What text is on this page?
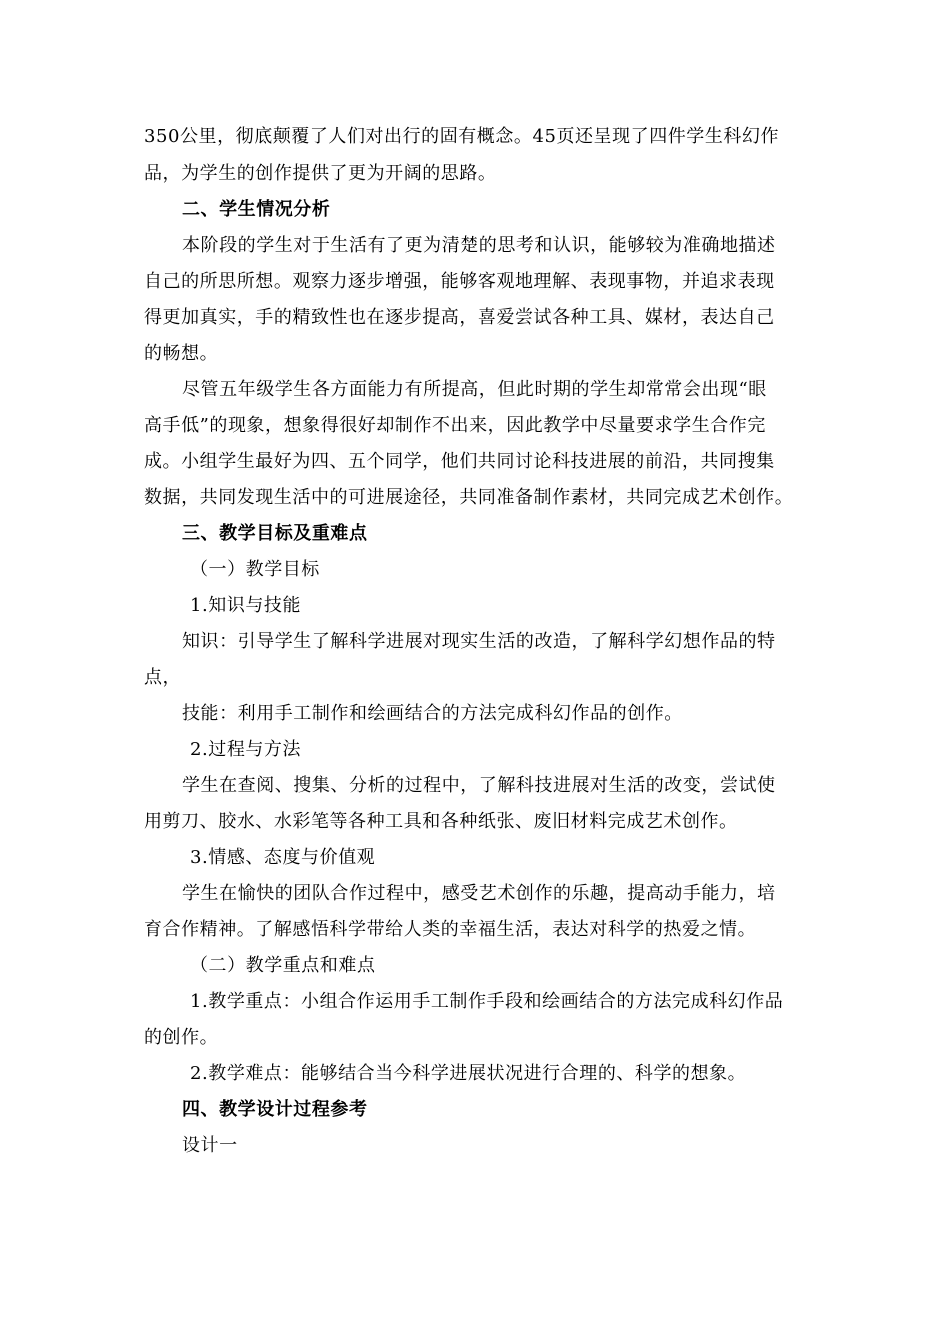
350公里，彻底颠覆了人们对出行的固有概念。45页还呈现了四件学生科幻作
品，为学生的创作提供了更为开阔的思路。
二、学生情况分析
本阶段的学生对于生活有了更为清楚的思考和认识，能够较为准确地描述
自己的所思所想。观察力逐步增强，能够客观地理解、表现事物，并追求表现
得更加真实，手的精致性也在逐步提高，喜爱尝试各种工具、媒材，表达自己
的畅想。
尽管五年级学生各方面能力有所提高，但此时期的学生却常常会出现“眼
高手低”的现象，想象得很好却制作不出来，因此教学中尽量要求学生合作完
成。小组学生最好为四、五个同学，他们共同讨论科技进展的前沿，共同搜集
数据，共同发现生活中的可进展途径，共同准备制作素材，共同完成艺术创作。
三、教学目标及重难点
（一）教学目标
1.知识与技能
知识：引导学生了解科学进展对现实生活的改造，了解科学幻想作品的特
点，
技能：利用手工制作和绘画结合的方法完成科幻作品的创作。
2.过程与方法
学生在查阅、搜集、分析的过程中，了解科技进展对生活的改变，尝试使
用剪刀、胶水、水彩笔等各种工具和各种纸张、废旧材料完成艺术创作。
3.情感、态度与价值观
学生在愉快的团队合作过程中，感受艺术创作的乐趣，提高动手能力，培
育合作精神。了解感悟科学带给人类的幸福生活，表达对科学的热爱之情。
（二）教学重点和难点
1.教学重点：小组合作运用手工制作手段和绘画结合的方法完成科幻作品
的创作。
2.教学难点：能够结合当今科学进展状况进行合理的、科学的想象。
四、教学设计过程参考
设计一
